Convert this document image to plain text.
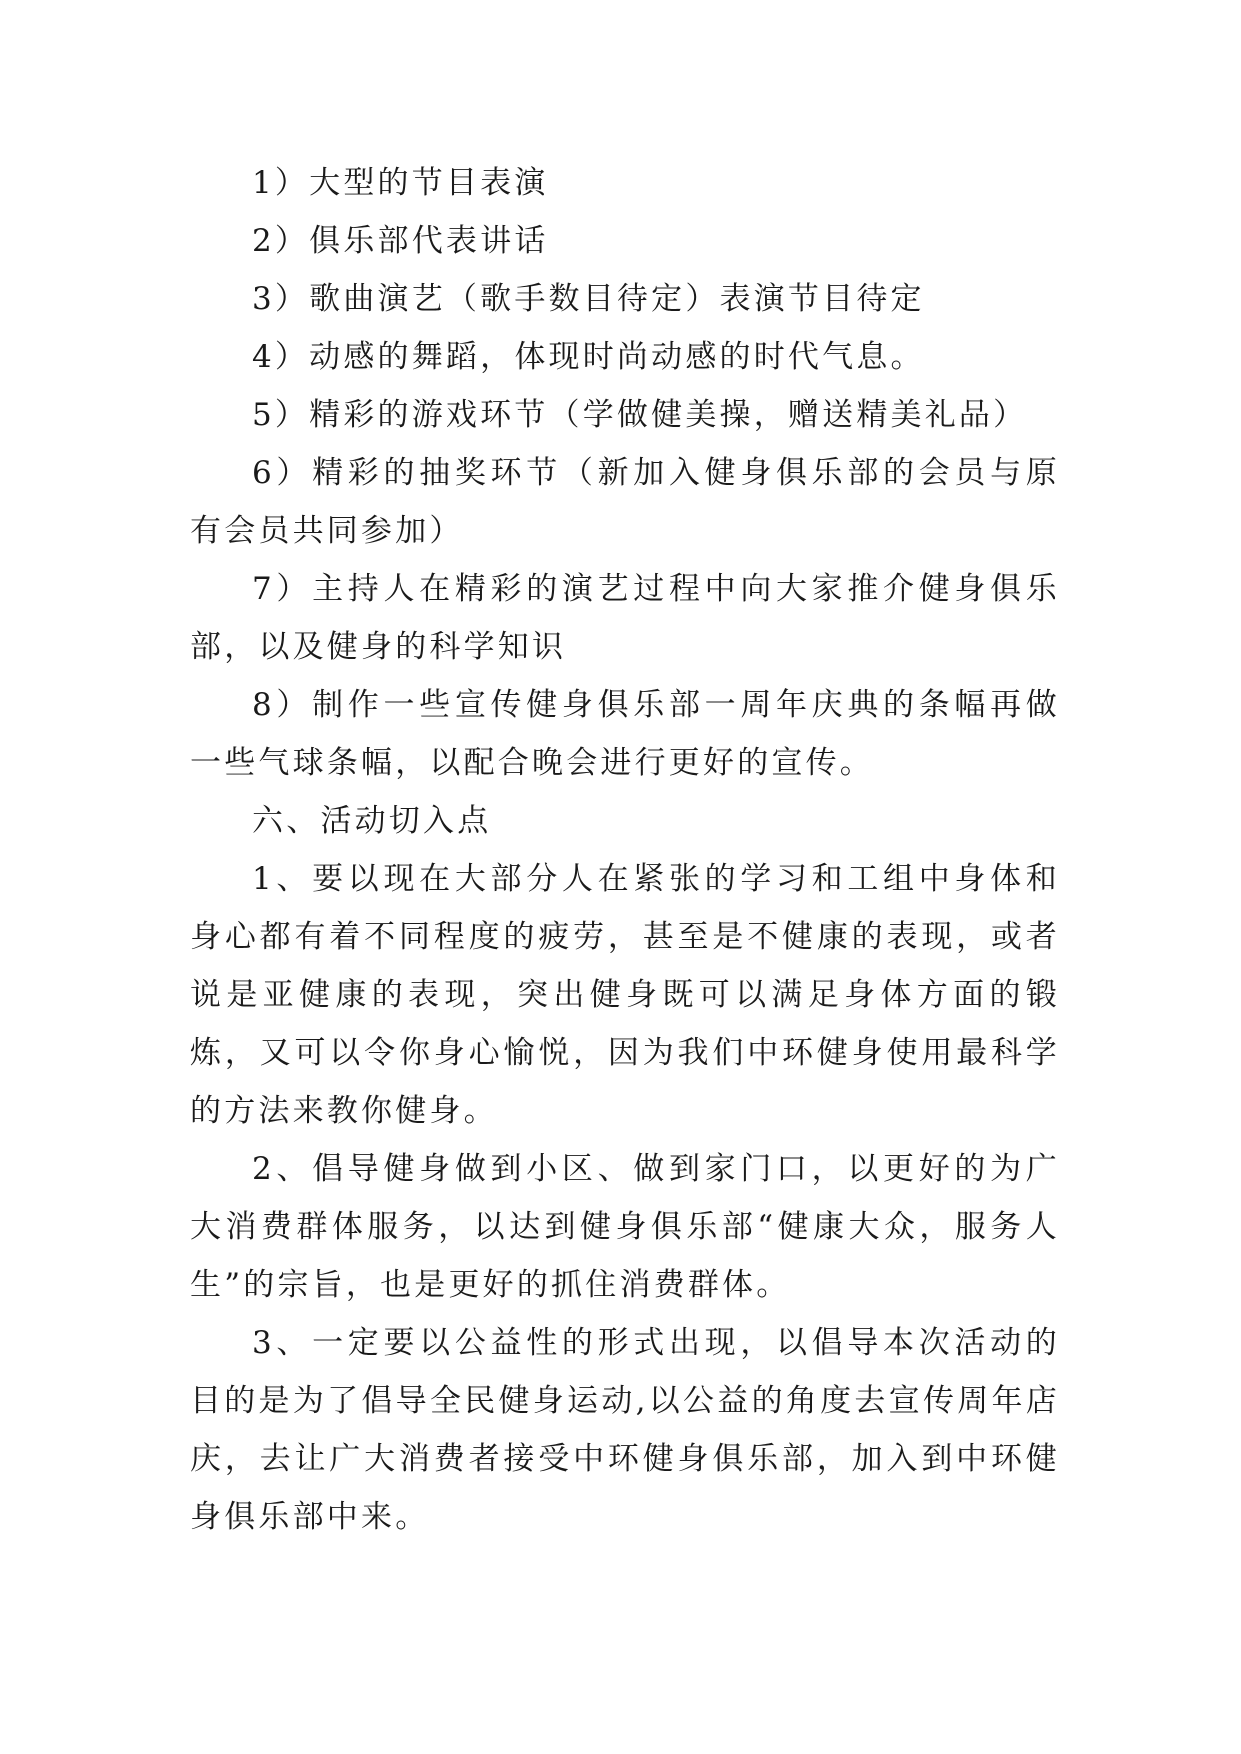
1）大型的节目表演

2）俱乐部代表讲话

3）歌曲演艺（歌手数目待定）表演节目待定

4）动感的舞蹈，体现时尚动感的时代气息。

5）精彩的游戏环节（学做健美操，赠送精美礼品）

6）精彩的抽奖环节（新加入健身俱乐部的会员与原有会员共同参加）

7）主持人在精彩的演艺过程中向大家推介健身俱乐部，以及健身的科学知识

8）制作一些宣传健身俱乐部一周年庆典的条幅再做一些气球条幅，以配合晚会进行更好的宣传。

六、活动切入点

1、要以现在大部分人在紧张的学习和工组中身体和身心都有着不同程度的疲劳，甚至是不健康的表现，或者说是亚健康的表现，突出健身既可以满足身体方面的锻炼，又可以令你身心愉悦，因为我们中环健身使用最科学的方法来教你健身。

2、倡导健身做到小区、做到家门口，以更好的为广大消费群体服务，以达到健身俱乐部“健康大众，服务人生”的宗旨，也是更好的抓住消费群体。

3、一定要以公益性的形式出现，以倡导本次活动的目的是为了倡导全民健身运动,以公益的角度去宣传周年店庆，去让广大消费者接受中环健身俱乐部，加入到中环健身俱乐部中来。
